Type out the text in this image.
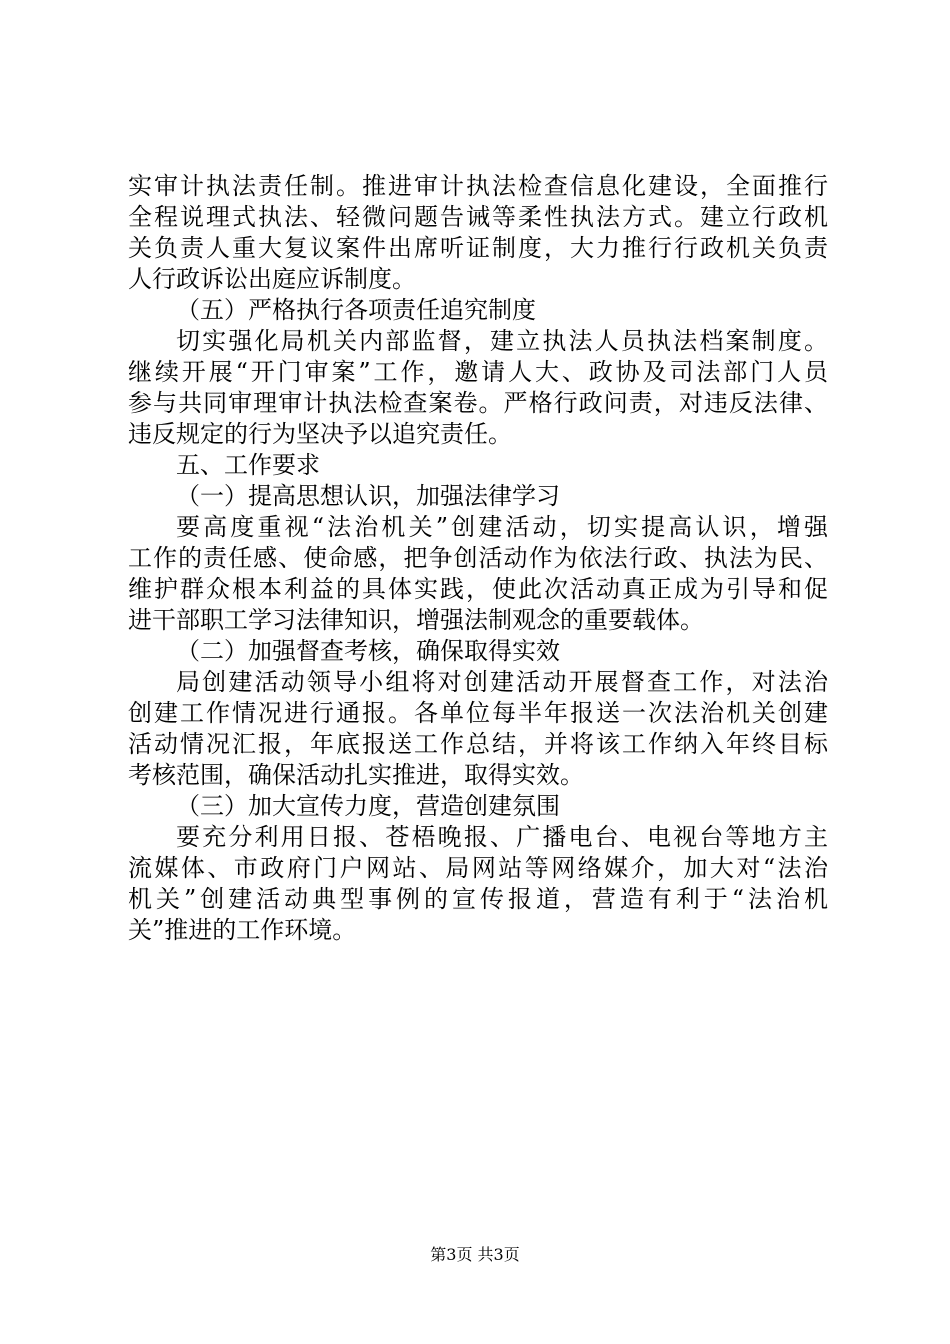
实审计执法责任制。推进审计执法检查信息化建设，全面推行
全程说理式执法、轻微问题告诫等柔性执法方式。建立行政机
关负责人重大复议案件出席听证制度，大力推行行政机关负责
人行政诉讼出庭应诉制度。
（五）严格执行各项责任追究制度
切实强化局机关内部监督，建立执法人员执法档案制度。
继续开展“开门审案”工作，邀请人大、政协及司法部门人员
参与共同审理审计执法检查案卷。严格行政问责，对违反法律、
违反规定的行为坚决予以追究责任。
五、工作要求
（一）提高思想认识，加强法律学习
要高度重视“法治机关”创建活动，切实提高认识，增强
工作的责任感、使命感，把争创活动作为依法行政、执法为民、
维护群众根本利益的具体实践，使此次活动真正成为引导和促
进干部职工学习法律知识，增强法制观念的重要载体。
（二）加强督查考核，确保取得实效
局创建活动领导小组将对创建活动开展督查工作，对法治
创建工作情况进行通报。各单位每半年报送一次法治机关创建
活动情况汇报，年底报送工作总结，并将该工作纳入年终目标
考核范围，确保活动扎实推进，取得实效。
（三）加大宣传力度，营造创建氛围
要充分利用日报、苍梧晚报、广播电台、电视台等地方主
流媒体、市政府门户网站、局网站等网络媒介，加大对“法治
机关”创建活动典型事例的宣传报道，营造有利于“法治机
关”推进的工作环境。
第3页 共3页
